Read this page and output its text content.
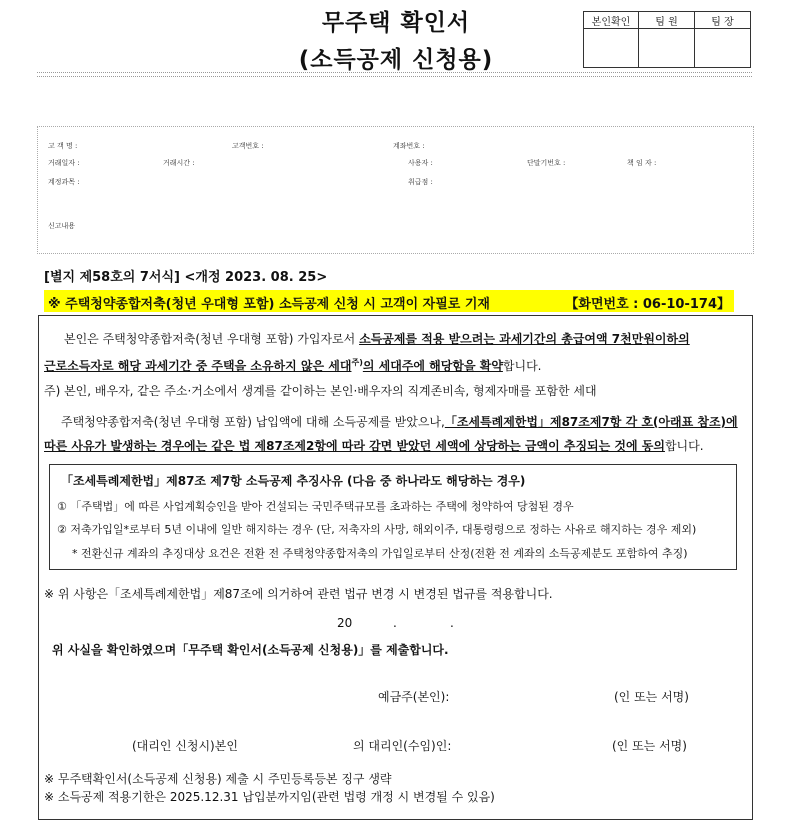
무주택 확인서
(소득공제 신청용)
본인확인	팀 원	팀 장

고 객 명 :	고객번호 :	계좌번호 :
거래일자 :	거래시간 :	사용자 :	단말기번호 :	책 임 자 :
계정과목 :	취급점 :
신고내용
[별지 제58호의 7서식] <개정 2023. 08. 25>
※ 주택청약종합저축(청년 우대형 포함) 소득공제 신청 시 고객이 자필로 기재	【화면번호 : 06-10-174】
본인은 주택청약종합저축(청년 우대형 포함) 가입자로서 소득공제를 적용 받으려는 과세기간의 총급여액 7천만원이하의
근로소득자로 해당 과세기간 중 주택을 소유하지 않은 세대$^{주)}$의 세대주에 해당함을 확약합니다.
주) 본인, 배우자, 같은 주소·거소에서 생계를 같이하는 본인·배우자의 직계존비속, 형제자매를 포함한 세대
주택청약종합저축(청년 우대형 포함) 납입액에 대해 소득공제를 받았으나,「조세특례제한법」제87조제7항 각 호(아래표 참조)에
따른 사유가 발생하는 경우에는 같은 법 제87조제2항에 따라 감면 받았던 세액에 상당하는 금액이 추징되는 것에 동의합니다.
「조세특례제한법」제87조 제7항 소득공제 추징사유 (다음 중 하나라도 해당하는 경우)
① 「주택법」에 따른 사업계획승인을 받아 건설되는 국민주택규모를 초과하는 주택에 청약하여 당첨된 경우
② 저축가입일*로부터 5년 이내에 일반 해지하는 경우 (단, 저축자의 사망, 해외이주, 대통령령으로 정하는 사유로 해지하는 경우 제외)
* 전환신규 계좌의 추징대상 요건은 전환 전 주택청약종합저축의 가입일로부터 산정(전환 전 계좌의 소득공제분도 포함하여 추징)
※ 위 사항은「조세특례제한법」제87조에 의거하여 관련 법규 변경 시 변경된 법규를 적용합니다.
20	.	.
위 사실을 확인하였으며「무주택 확인서(소득공제 신청용)」를 제출합니다.
예금주(본인):	(인 또는 서명)
(대리인 신청시)본인	의 대리인(수임)인:	(인 또는 서명)
※ 무주택확인서(소득공제 신청용) 제출 시 주민등록등본 징구 생략
※ 소득공제 적용기한은 2025.12.31 납입분까지임(관련 법령 개정 시 변경될 수 있음)
